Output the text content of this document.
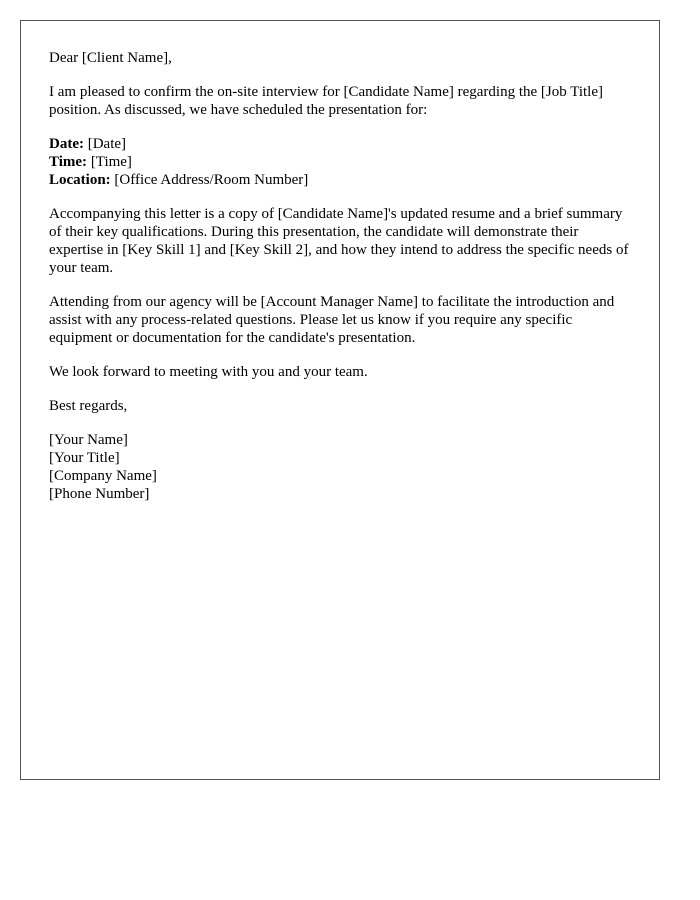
Dear [Client Name],

I am pleased to confirm the on-site interview for [Candidate Name] regarding the [Job Title] position. As discussed, we have scheduled the presentation for:

Date: [Date]
Time: [Time]
Location: [Office Address/Room Number]

Accompanying this letter is a copy of [Candidate Name]'s updated resume and a brief summary of their key qualifications. During this presentation, the candidate will demonstrate their expertise in [Key Skill 1] and [Key Skill 2], and how they intend to address the specific needs of your team.

Attending from our agency will be [Account Manager Name] to facilitate the introduction and assist with any process-related questions. Please let us know if you require any specific equipment or documentation for the candidate's presentation.

We look forward to meeting with you and your team.

Best regards,

[Your Name]
[Your Title]
[Company Name]
[Phone Number]
